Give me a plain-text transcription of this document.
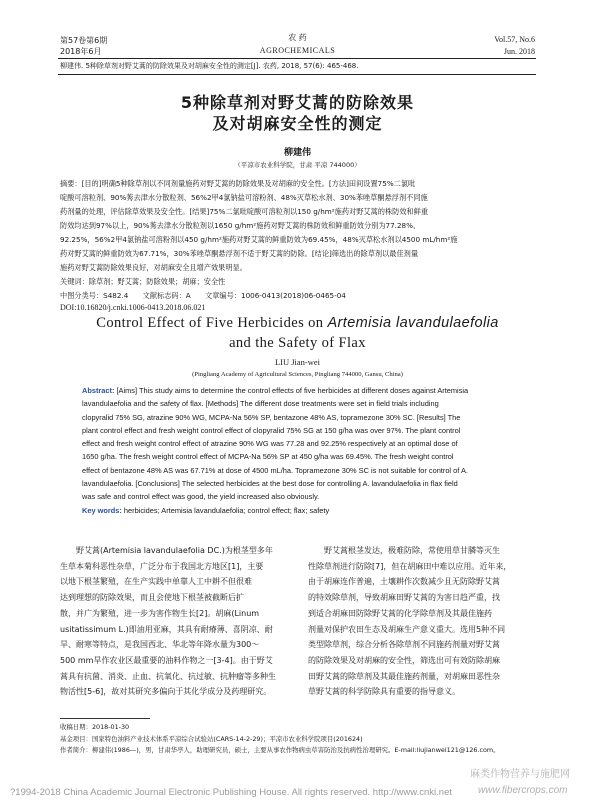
第57卷第6期
2018年6月
农 药
AGROCHEMICALS
Vol.57, No.6
Jun. 2018
柳建伟. 5种除草剂对野艾蒿的防除效果及对胡麻安全性的测定[J]. 农药, 2018, 57(6): 465-468.
5种除草剂对野艾蒿的防除效果
及对胡麻安全性的测定
柳建伟
（平凉市农业科学院，甘肃 平凉 744000）
摘要：[目的]明确5种除草剂以不同剂量施药对野艾蒿的防除效果及对胡麻的安全性。[方法]田间设置75%二氯吡
啶酸可溶粒剂、90%莠去津水分散粒剂、56%2甲4氯钠盐可溶粉剂、48%灭草松水剂、30%苯唑草酮悬浮剂不同施
药剂量的处理，评估除草效果及安全性。[结果]75%二氯吡啶酸可溶粒剂以150 g/hm²施药对野艾蒿的株防效和鲜重
防效均达到97%以上，90%莠去津水分散粒剂以1650 g/hm²施药对野艾蒿的株防效和鲜重防效分别为77.28%、
92.25%，56%2甲4氯钠盐可溶粉剂以450 g/hm²施药对野艾蒿的鲜重防效为69.45%，48%灭草松水剂以4500 mL/hm²施
药对野艾蒿的鲜重防效为67.71%，30%苯唑草酮悬浮剂不适于野艾蒿的防除。[结论]筛选出的除草剂以最佳剂量
施药对野艾蒿防除效果良好，对胡麻安全且增产效果明显。
关键词：除草剂；野艾蒿；防除效果；胡麻；安全性
中图分类号：S482.4　　文献标志码：A　　文章编号：1006-0413(2018)06-0465-04
DOI:10.16820/j.cnki.1006-0413.2018.06.021
Control Effect of Five Herbicides on Artemisia lavandulaefolia
and the Safety of Flax
LIU Jian-wei
(Pingliang Academy of Agricultural Sciences, Pingliang 744000, Gansu, China)
Abstract: [Aims] This study aims to determine the control effects of five herbicides at different doses against Artemisia
lavandulaefolia and the safety of flax. [Methods] The different dose treatments were set in field trials including
clopyralid 75% SG, atrazine 90% WG, MCPA-Na 56% SP, bentazone 48% AS, topramezone 30% SC. [Results] The
plant control effect and fresh weight control effect of clopyralid 75% SG at 150 g/ha was over 97%. The plant control
effect and fresh weight control effect of atrazine 90% WG was 77.28 and 92.25% respectively at an optimal dose of
1650 g/ha. The fresh weight control effect of MCPA-Na 56% SP at 450 g/ha was 69.45%. The fresh weight control
effect of bentazone 48% AS was 67.71% at dose of 4500 mL/ha. Topramezone 30% SC is not suitable for control of A.
lavandulaefolia. [Conclusions] The selected herbicides at the best dose for controlling A. lavandulaefolia in flax field
was safe and control effect was good, the yield increased also obviously.
Key words: herbicides; Artemisia lavandulaefolia; control effect; flax; safety
　　野艾蒿(Artemisia lavandulaefolia DC.)为根茎型多年
生草本菊科恶性杂草，广泛分布于我国北方地区[1]，主要
以地下根茎繁殖，在生产实践中单靠人工中耕不但很难
达到理想的防除效果，而且会使地下根茎被截断后扩
散，并广为繁殖，进一步为害作物生长[2]。胡麻(Linum
usitatissimum L.)即油用亚麻，其具有耐瘠薄、喜阴凉、耐
旱、耐寒等特点，是我国西北、华北等年降水量为300～
500 mm旱作农业区最重要的油料作物之一[3-4]。由于野艾
蒿具有抗菌、消炎、止血、抗氧化、抗过敏、抗肿瘤等多种生
物活性[5-6]，故对其研究多偏向于其化学成分及药理研究。
　　野艾蒿根茎发达，极难防除，常使用草甘膦等灭生
性除草剂进行防除[7]，但在胡麻田中难以应用。近年来，
由于胡麻连作普遍，土壤耕作次数减少且无防除野艾蒿
的特效除草剂，导致胡麻田野艾蒿的为害日趋严重，找
到适合胡麻田防除野艾蒿的化学除草剂及其最佳施药
剂量对保护农田生态及胡麻生产意义重大。选用5种不同
类型除草剂，综合分析各除草剂不同施药剂量对野艾蒿
的防除效果及对胡麻的安全性，筛选出可有效防除胡麻
田野艾蒿的除草剂及其最佳施药剂量，对胡麻田恶性杂
草野艾蒿的科学防除具有重要的指导意义。
收稿日期：2018-01-30
基金项目：国家特色油料产业技术体系平凉综合试验站(CARS-14-2-29)；平凉市农业科学院项目(201624)
作者简介：柳建伟(1986—)，男，甘肃华亭人，助理研究员，硕士，主要从事农作物病虫草害防治及抗病性治理研究。E-mail:liujianwei121@126.com。
?1994-2018 China Academic Journal Electronic Publishing House. All rights reserved. http://www.cnki.net
麻类作物营养与施肥网
www.fibercrops.com
